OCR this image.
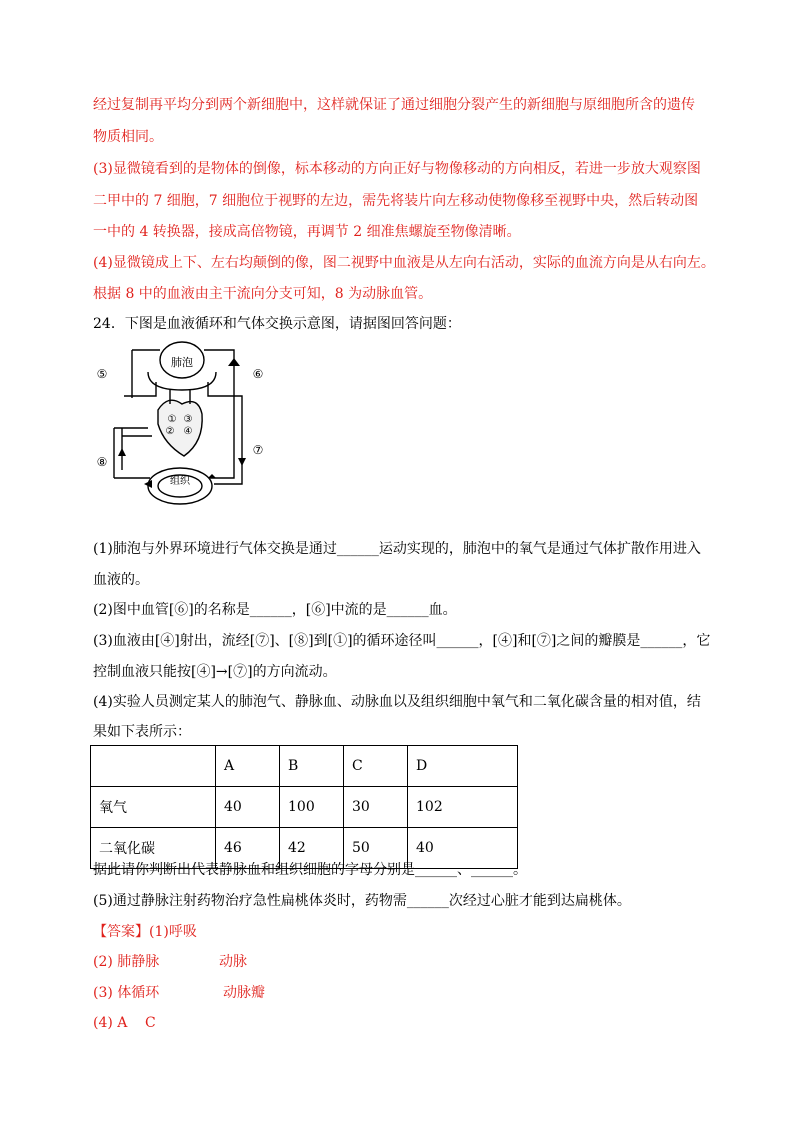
经过复制再平均分到两个新细胞中，这样就保证了通过细胞分裂产生的新细胞与原细胞所含的遗传
物质相同。
(3)显微镜看到的是物体的倒像，标本移动的方向正好与物像移动的方向相反，若进一步放大观察图
二甲中的 7 细胞，7 细胞位于视野的左边，需先将装片向左移动使物像移至视野中央，然后转动图
一中的 4 转换器，接成高倍物镜，再调节 2 细准焦螺旋至物像清晰。
(4)显微镜成上下、左右均颠倒的像，图二视野中血液是从左向右活动，实际的血流方向是从右向左。
根据 8 中的血液由主干流向分支可知，8 为动脉血管。
24．下图是血液循环和气体交换示意图，请据图回答问题：
肺泡
组织
⑤	⑥
⑦
⑧
①
②
③
④
(1)肺泡与外界环境进行气体交换是通过______运动实现的，肺泡中的氧气是通过气体扩散作用进入
血液的。
(2)图中血管[⑥]的名称是______，[⑥]中流的是______血。
(3)血液由[④]射出，流经[⑦]、[⑧]到[①]的循环途径叫______，[④]和[⑦]之间的瓣膜是______，它
控制血液只能按[④]→[⑦]的方向流动。
(4)实验人员测定某人的肺泡气、静脉血、动脉血以及组织细胞中氧气和二氧化碳含量的相对值，结
果如下表所示：
	A	B	C	D
氧气	40	100	30	102
二氧化碳	46	42	50	40
据此请你判断出代表静脉血和组织细胞的字母分别是______、______。
(5)通过静脉注射药物治疗急性扁桃体炎时，药物需______次经过心脏才能到达扁桃体。
【答案】(1)呼吸
(2) 肺静脉	动脉
(3) 体循环	动脉瓣
(4) A C
